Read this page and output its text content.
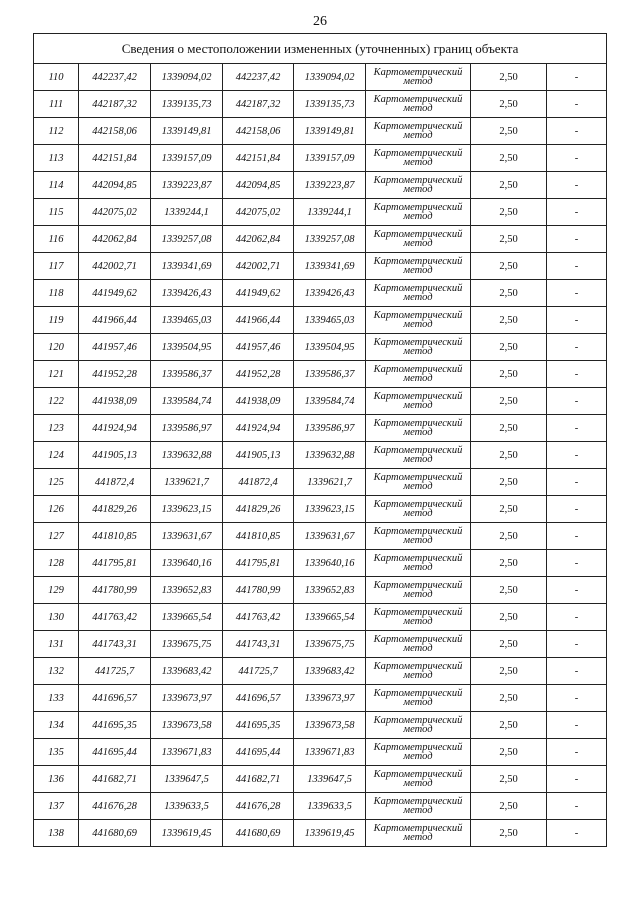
26
Сведения о местоположении измененных (уточненных) границ объекта							
110	442237,42	1339094,02	442237,42	1339094,02	Картометрический
метод	2,50	-
111	442187,32	1339135,73	442187,32	1339135,73	Картометрический
метод	2,50	-
112	442158,06	1339149,81	442158,06	1339149,81	Картометрический
метод	2,50	-
113	442151,84	1339157,09	442151,84	1339157,09	Картометрический
метод	2,50	-
114	442094,85	1339223,87	442094,85	1339223,87	Картометрический
метод	2,50	-
115	442075,02	1339244,1	442075,02	1339244,1	Картометрический
метод	2,50	-
116	442062,84	1339257,08	442062,84	1339257,08	Картометрический
метод	2,50	-
117	442002,71	1339341,69	442002,71	1339341,69	Картометрический
метод	2,50	-
118	441949,62	1339426,43	441949,62	1339426,43	Картометрический
метод	2,50	-
119	441966,44	1339465,03	441966,44	1339465,03	Картометрический
метод	2,50	-
120	441957,46	1339504,95	441957,46	1339504,95	Картометрический
метод	2,50	-
121	441952,28	1339586,37	441952,28	1339586,37	Картометрический
метод	2,50	-
122	441938,09	1339584,74	441938,09	1339584,74	Картометрический
метод	2,50	-
123	441924,94	1339586,97	441924,94	1339586,97	Картометрический
метод	2,50	-
124	441905,13	1339632,88	441905,13	1339632,88	Картометрический
метод	2,50	-
125	441872,4	1339621,7	441872,4	1339621,7	Картометрический
метод	2,50	-
126	441829,26	1339623,15	441829,26	1339623,15	Картометрический
метод	2,50	-
127	441810,85	1339631,67	441810,85	1339631,67	Картометрический
метод	2,50	-
128	441795,81	1339640,16	441795,81	1339640,16	Картометрический
метод	2,50	-
129	441780,99	1339652,83	441780,99	1339652,83	Картометрический
метод	2,50	-
130	441763,42	1339665,54	441763,42	1339665,54	Картометрический
метод	2,50	-
131	441743,31	1339675,75	441743,31	1339675,75	Картометрический
метод	2,50	-
132	441725,7	1339683,42	441725,7	1339683,42	Картометрический
метод	2,50	-
133	441696,57	1339673,97	441696,57	1339673,97	Картометрический
метод	2,50	-
134	441695,35	1339673,58	441695,35	1339673,58	Картометрический
метод	2,50	-
135	441695,44	1339671,83	441695,44	1339671,83	Картометрический
метод	2,50	-
136	441682,71	1339647,5	441682,71	1339647,5	Картометрический
метод	2,50	-
137	441676,28	1339633,5	441676,28	1339633,5	Картометрический
метод	2,50	-
138	441680,69	1339619,45	441680,69	1339619,45	Картометрический
метод	2,50	-
